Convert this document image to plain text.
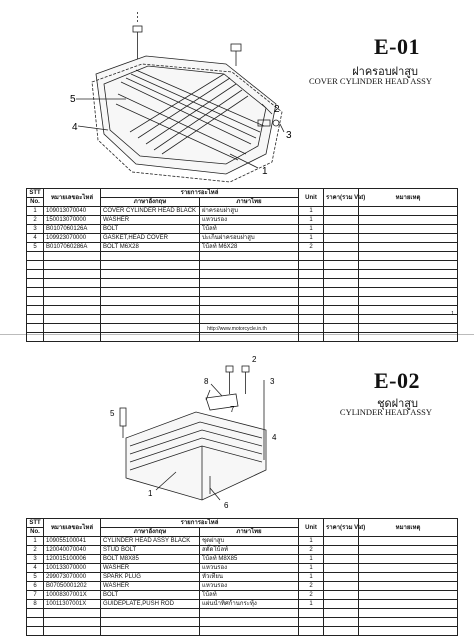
5
4
1
2
3
E-01
ฝาครอบฝาสูบ
COVER CYLINDER HEAD ASSY
STT	หมายเลขอะไหล่	รายการอะไหล่		Unit	ราคา(รวม Vat)	หมายเหตุ
No.		ภาษาอังกฤษ	ภาษาไทย			
1	109013070040	COVER CYLINDER HEAD BLACK	ฝาครอบฝาสูบ	1		
2	150013070000	WASHER	แหวนรอง	1		
3	B0107060126A	BOLT	โบ้ลท์	1		
4	109923070000	GASKET,HEAD COVER	ปะเก็นฝาครอบฝาสูบ	1		
5	B0107060286A	BOLT M6X28	โบ้ลท์ M6X28	2		

1
http://www.motorcycle.in.th
8
2
3
1
4
5
6
7
E-02
ชุดฝาสูบ
CYLINDER HEAD ASSY
STT	หมายเลขอะไหล่	รายการอะไหล่		Unit	ราคา(รวม Vat)	หมายเหตุ
No.		ภาษาอังกฤษ	ภาษาไทย			
1	109055100041	CYLINDER HEAD ASSY BLACK	ชุดฝาสูบ	1		
2	120040070040	STUD BOLT	สตั๊ดโบ้ลท์	2		
3	120015100006	BOLT M8X85	โบ้ลท์ M8X85	1		
4	100133070000	WASHER	แหวนรอง	1		
5	299073070000	SPARK PLUG	หัวเทียน	1		
6	B07050001202	WASHER	แหวนรอง	2		
7	10008307001X	BOLT	โบ้ลท์	2		
8	10011307001X	GUIDEPLATE,PUSH ROD	แผ่นนำทิศก้านกระทุ้ง	1		
